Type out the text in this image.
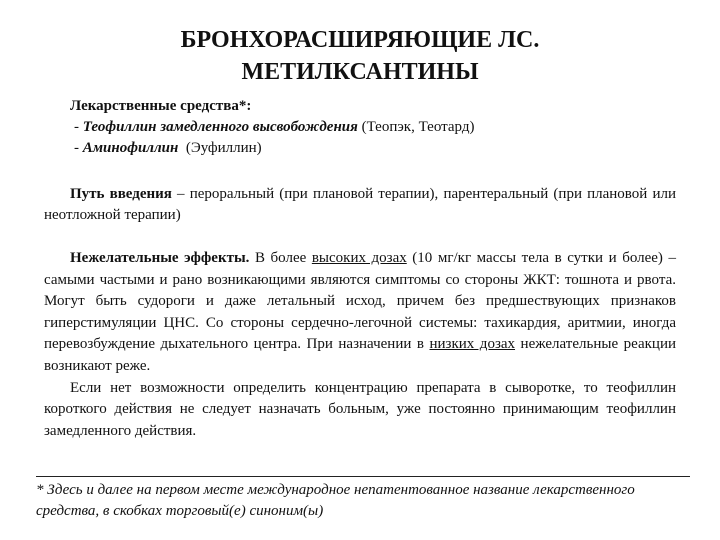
БРОНХОРАСШИРЯЮЩИЕ ЛС.
МЕТИЛКСАНТИНЫ
Лекарственные средства*:
- Теофиллин замедленного высвобождения (Теопэк, Теотард)
- Аминофиллин (Эуфиллин)
Путь введения – пероральный (при плановой терапии), парентеральный (при плановой или неотложной терапии)

Нежелательные эффекты. В более высоких дозах (10 мг/кг массы тела в сутки и более) – самыми частыми и рано возникающими являются симптомы со стороны ЖКТ: тошнота и рвота. Могут быть судороги и даже летальный исход, причем без предшествующих признаков гиперстимуляции ЦНС. Со стороны сердечно-легочной системы: тахикардия, аритмии, иногда перевозбуждение дыхательного центра. При назначении в низких дозах нежелательные реакции возникают реже.

Если нет возможности определить концентрацию препарата в сыворотке, то теофиллин короткого действия не следует назначать больным, уже постоянно принимающим теофиллин замедленного действия.

* Здесь и далее на первом месте международное непатентованное название лекарственного средства, в скобках торговый(е) синоним(ы)
